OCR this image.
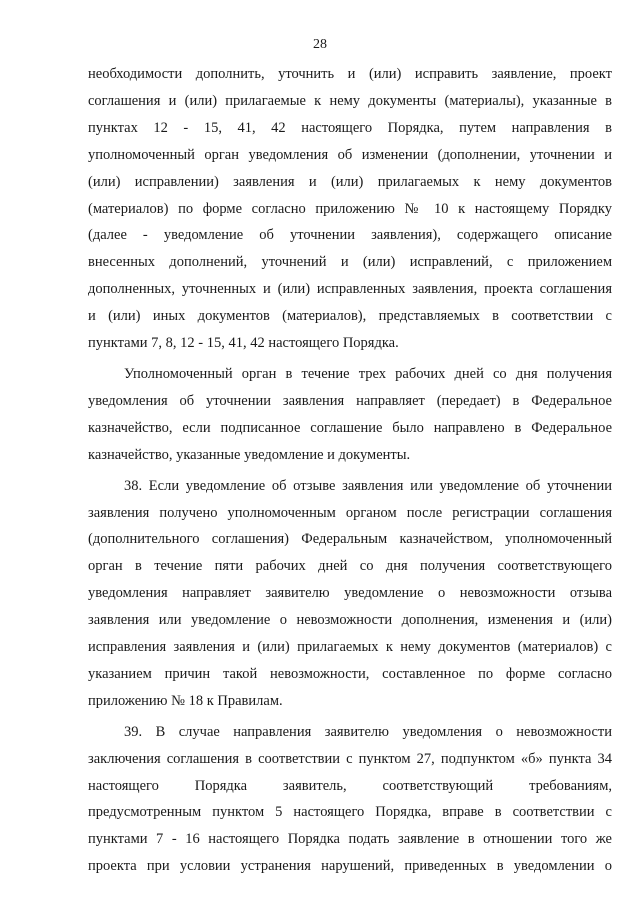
28
необходимости дополнить, уточнить и (или) исправить заявление, проект
соглашения и (или) прилагаемые к нему документы (материалы), указанные в
пунктах 12 - 15, 41, 42 настоящего Порядка, путем направления в
уполномоченный орган уведомления об изменении (дополнении, уточнении и
(или) исправлении) заявления и (или) прилагаемых к нему документов
(материалов) по форме согласно приложению № 10 к настоящему Порядку
(далее - уведомление об уточнении заявления), содержащего описание
внесенных дополнений, уточнений и (или) исправлений, с приложением
дополненных, уточненных и (или) исправленных заявления, проекта соглашения
и (или) иных документов (материалов), представляемых в соответствии с
пунктами 7, 8, 12 - 15, 41, 42 настоящего Порядка.
Уполномоченный орган в течение трех рабочих дней со дня получения
уведомления об уточнении заявления направляет (передает) в Федеральное
казначейство, если подписанное соглашение было направлено в Федеральное
казначейство, указанные уведомление и документы.
38. Если уведомление об отзыве заявления или уведомление об уточнении
заявления получено уполномоченным органом после регистрации соглашения
(дополнительного соглашения) Федеральным казначейством, уполномоченный
орган в течение пяти рабочих дней со дня получения соответствующего
уведомления направляет заявителю уведомление о невозможности отзыва
заявления или уведомление о невозможности дополнения, изменения и (или)
исправления заявления и (или) прилагаемых к нему документов (материалов) с
указанием причин такой невозможности, составленное по форме согласно
приложению № 18 к Правилам.
39. В случае направления заявителю уведомления о невозможности
заключения соглашения в соответствии с пунктом 27, подпунктом «б» пункта 34
настоящего Порядка заявитель, соответствующий требованиям,
предусмотренным пунктом 5 настоящего Порядка, вправе в соответствии с
пунктами 7 - 16 настоящего Порядка подать заявление в отношении того же
проекта при условии устранения нарушений, приведенных в уведомлении о
